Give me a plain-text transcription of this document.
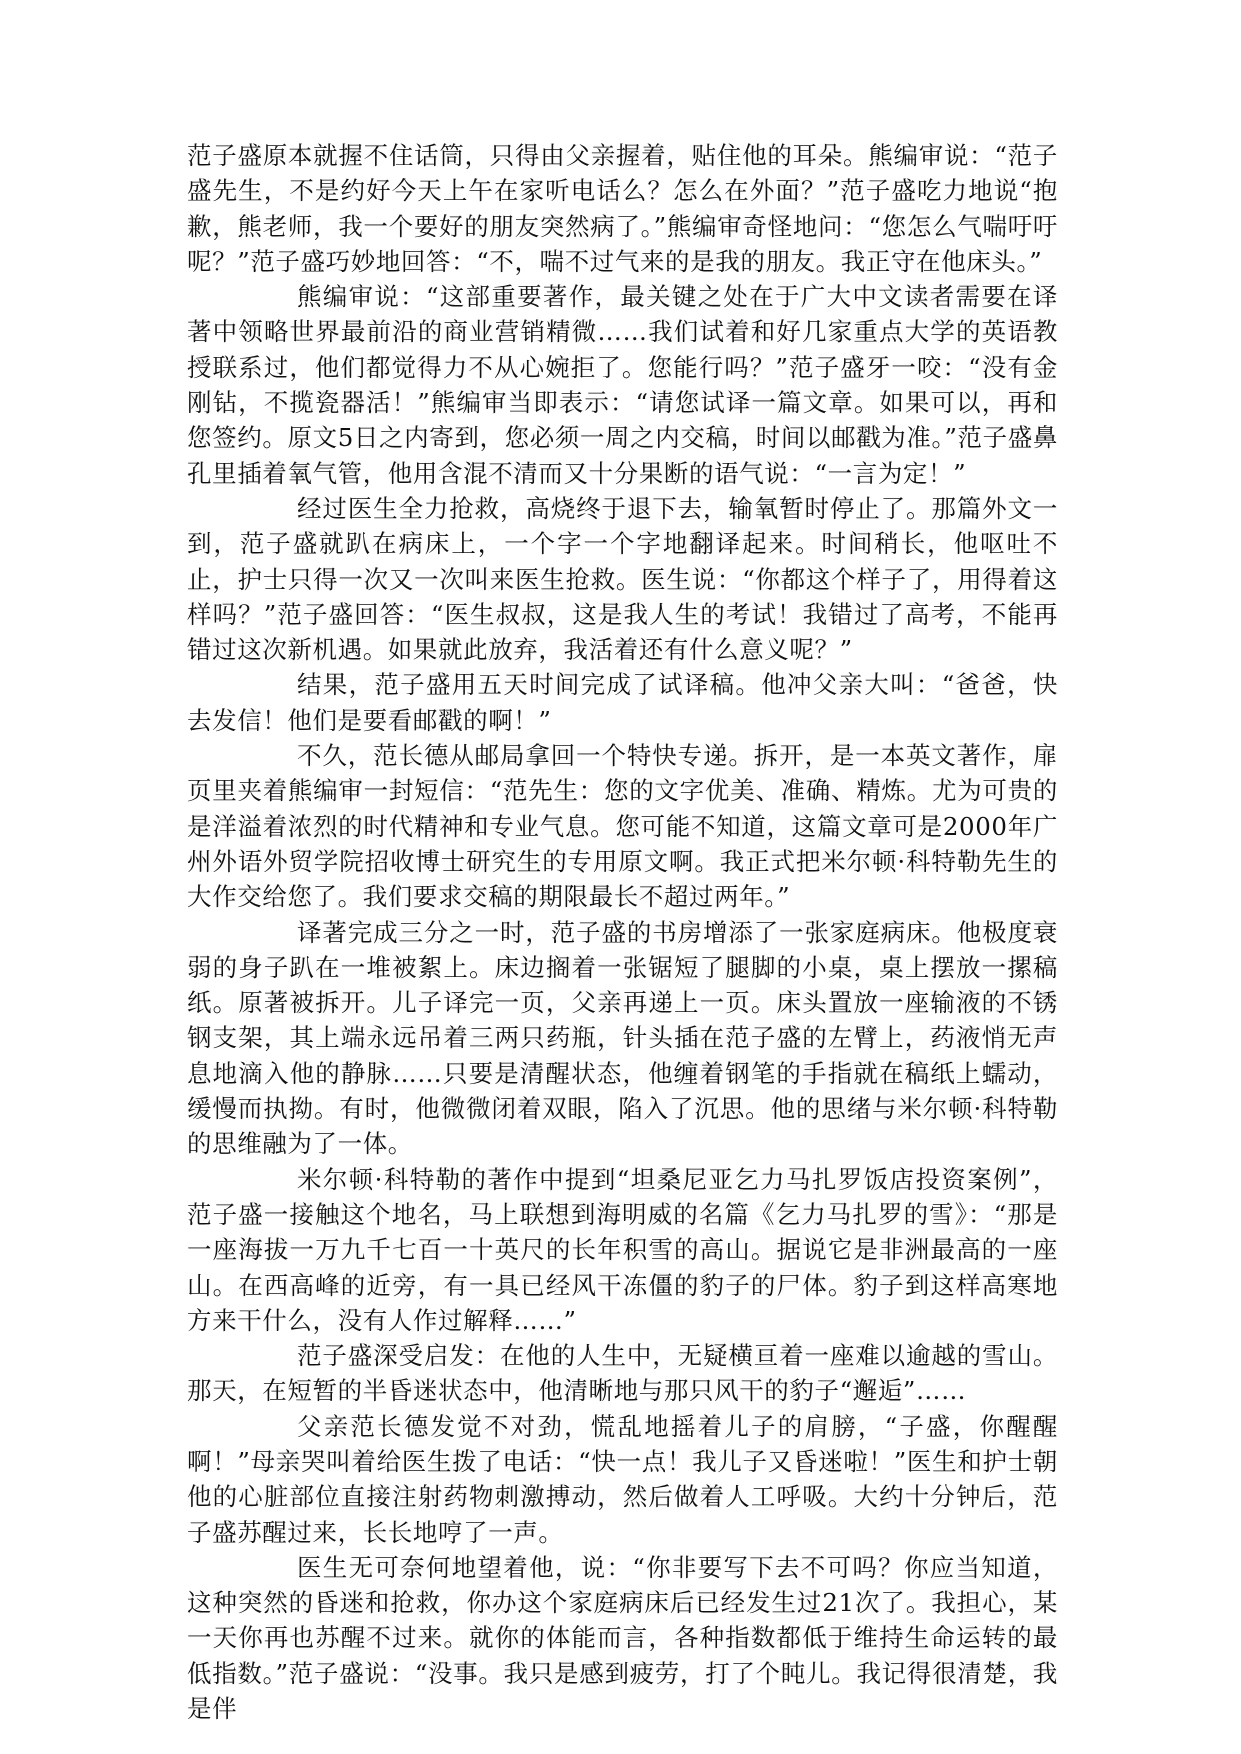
范子盛原本就握不住话筒，只得由父亲握着，贴住他的耳朵。熊编审说：“范子盛先生，不是约好今天上午在家听电话么？怎么在外面？”范子盛吃力地说“抱歉，熊老师，我一个要好的朋友突然病了。”熊编审奇怪地问：“您怎么气喘吁吁呢？”范子盛巧妙地回答：“不，喘不过气来的是我的朋友。我正守在他床头。”

熊编审说：“这部重要著作，最关键之处在于广大中文读者需要在译著中领略世界最前沿的商业营销精微……我们试着和好几家重点大学的英语教授联系过，他们都觉得力不从心婉拒了。您能行吗？”范子盛牙一咬：“没有金刚钻，不揽瓷器活！”熊编审当即表示：“请您试译一篇文章。如果可以，再和您签约。原文5日之内寄到，您必须一周之内交稿，时间以邮戳为准。”范子盛鼻孔里插着氧气管，他用含混不清而又十分果断的语气说：“一言为定！”

经过医生全力抢救，高烧终于退下去，输氧暂时停止了。那篇外文一到，范子盛就趴在病床上，一个字一个字地翻译起来。时间稍长，他呕吐不止，护士只得一次又一次叫来医生抢救。医生说：“你都这个样子了，用得着这样吗？”范子盛回答：“医生叔叔，这是我人生的考试！我错过了高考，不能再错过这次新机遇。如果就此放弃，我活着还有什么意义呢？”

结果，范子盛用五天时间完成了试译稿。他冲父亲大叫：“爸爸，快去发信！他们是要看邮戳的啊！”

不久，范长德从邮局拿回一个特快专递。拆开，是一本英文著作，扉页里夹着熊编审一封短信：“范先生：您的文字优美、准确、精炼。尤为可贵的是洋溢着浓烈的时代精神和专业气息。您可能不知道，这篇文章可是2000年广州外语外贸学院招收博士研究生的专用原文啊。我正式把米尔顿·科特勒先生的大作交给您了。我们要求交稿的期限最长不超过两年。”

译著完成三分之一时，范子盛的书房增添了一张家庭病床。他极度衰弱的身子趴在一堆被絮上。床边搁着一张锯短了腿脚的小桌，桌上摆放一摞稿纸。原著被拆开。儿子译完一页，父亲再递上一页。床头置放一座输液的不锈钢支架，其上端永远吊着三两只药瓶，针头插在范子盛的左臂上，药液悄无声息地滴入他的静脉……只要是清醒状态，他缠着钢笔的手指就在稿纸上蠕动，缓慢而执拗。有时，他微微闭着双眼，陷入了沉思。他的思绪与米尔顿·科特勒的思维融为了一体。

米尔顿·科特勒的著作中提到“坦桑尼亚乞力马扎罗饭店投资案例”，范子盛一接触这个地名，马上联想到海明威的名篇《乞力马扎罗的雪》：“那是一座海拔一万九千七百一十英尺的长年积雪的高山。据说它是非洲最高的一座山。在西高峰的近旁，有一具已经风干冻僵的豹子的尸体。豹子到这样高寒地方来干什么，没有人作过解释……”

范子盛深受启发：在他的人生中，无疑横亘着一座难以逾越的雪山。那天，在短暂的半昏迷状态中，他清晰地与那只风干的豹子“邂逅”……

父亲范长德发觉不对劲，慌乱地摇着儿子的肩膀，“子盛，你醒醒啊！”母亲哭叫着给医生拨了电话：“快一点！我儿子又昏迷啦！”医生和护士朝他的心脏部位直接注射药物刺激搏动，然后做着人工呼吸。大约十分钟后，范子盛苏醒过来，长长地哼了一声。

医生无可奈何地望着他，说：“你非要写下去不可吗？你应当知道，这种突然的昏迷和抢救，你办这个家庭病床后已经发生过21次了。我担心，某一天你再也苏醒不过来。就你的体能而言，各种指数都低于维持生命运转的最低指数。”范子盛说：“没事。我只是感到疲劳，打了个盹儿。我记得很清楚，我是伴
